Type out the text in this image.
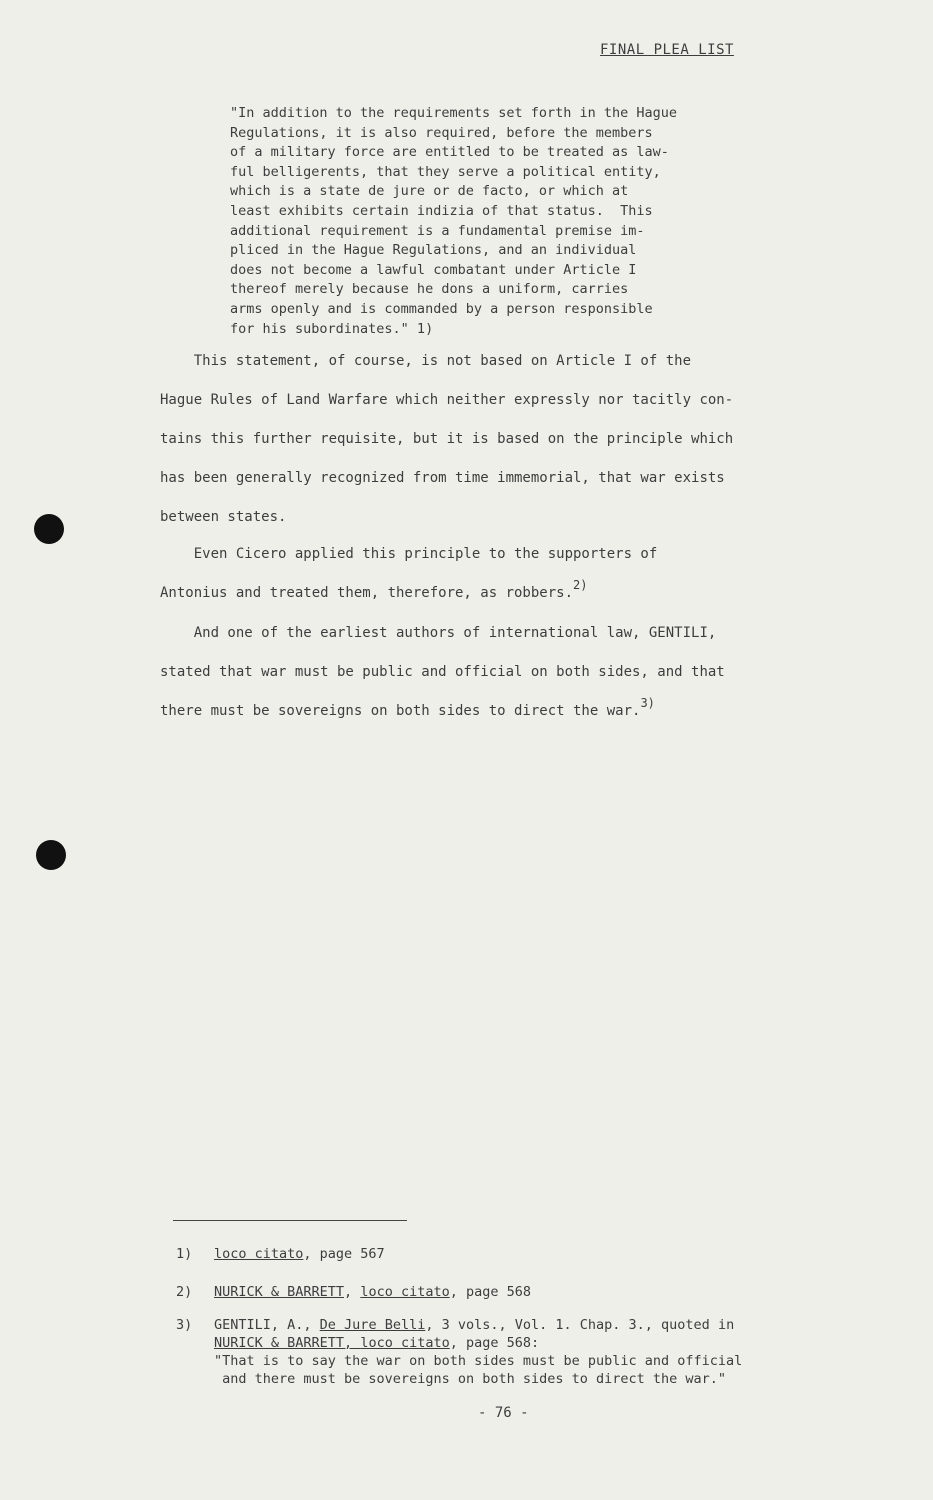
FINAL PLEA LIST
"In addition to the requirements set forth in the Hague
Regulations, it is also required, before the members
of a military force are entitled to be treated as law-
ful belligerents, that they serve a political entity,
which is a state de jure or de facto, or which at
least exhibits certain indizia of that status.  This
additional requirement is a fundamental premise im-
pliced in the Hague Regulations, and an individual
does not become a lawful combatant under Article I
thereof merely because he dons a uniform, carries
arms openly and is commanded by a person responsible
for his subordinates." 1)
This statement, of course, is not based on Article I of the
Hague Rules of Land Warfare which neither expressly nor tacitly con-
tains this further requisite, but it is based on the principle which
has been generally recognized from time immemorial, that war exists
between states.
Even Cicero applied this principle to the supporters of
Antonius and treated them, therefore, as robbers.$^{2)}$
And one of the earliest authors of international law, GENTILI,
stated that war must be public and official on both sides, and that
there must be sovereigns on both sides to direct the war.$^{3)}$
1) loco citato, page 567
2) NURICK & BARRETT, loco citato, page 568
3) GENTILI, A., De Jure Belli, 3 vols., Vol. 1. Chap. 3., quoted in
NURICK & BARRETT, loco citato, page 568:
"That is to say the war on both sides must be public and official
and there must be sovereigns on both sides to direct the war."
- 76 -
